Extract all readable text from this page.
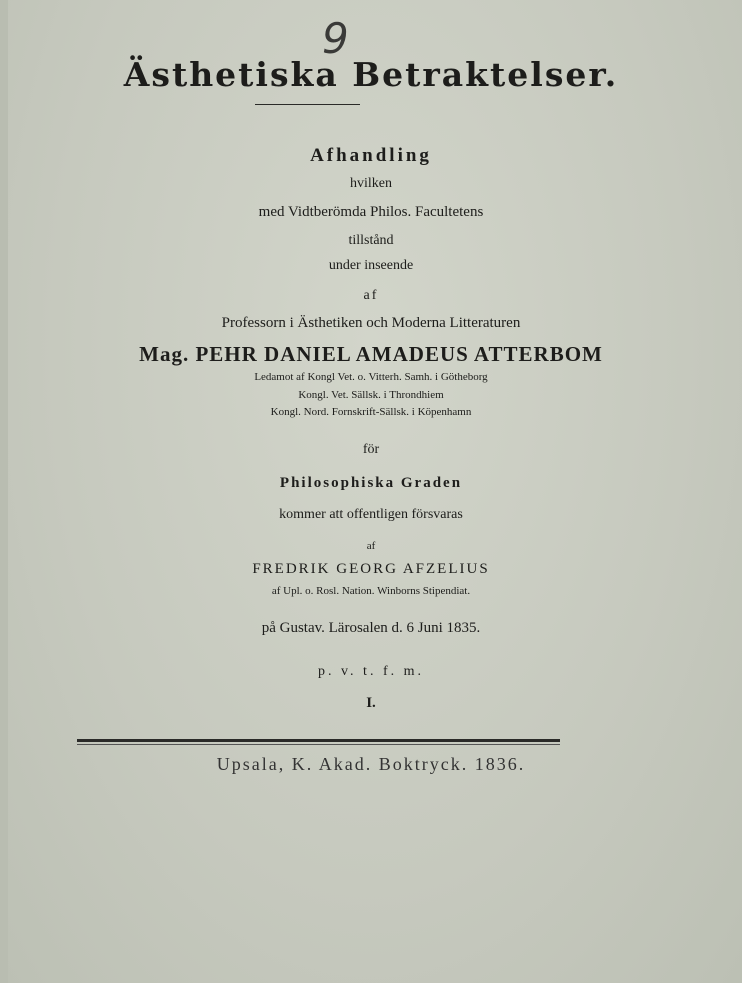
9
Ästhetiska Betraktelser.
Afhandling
hvilken
med Vidtberömda Philos. Facultetens
tillstånd
under inseende
af
Professorn i Ästhetiken och Moderna Litteraturen
Mag. PEHR DANIEL AMADEUS ATTERBOM
Ledamot af Kongl Vet. o. Vitterh. Samh. i Götheborg
Kongl. Vet. Sällsk. i Throndhiem
Kongl. Nord. Fornskrift-Sällsk. i Köpenhamn
för
Philosophiska Graden
kommer att offentligen försvaras
af
FREDRIK GEORG AFZELIUS
af Upl. o. Rosl. Nation. Winborns Stipendiat.
på Gustav. Lärosalen d. 6 Juni 1835.
p. v. t. f. m.
I.
Upsala, K. Akad. Boktryck. 1836.
